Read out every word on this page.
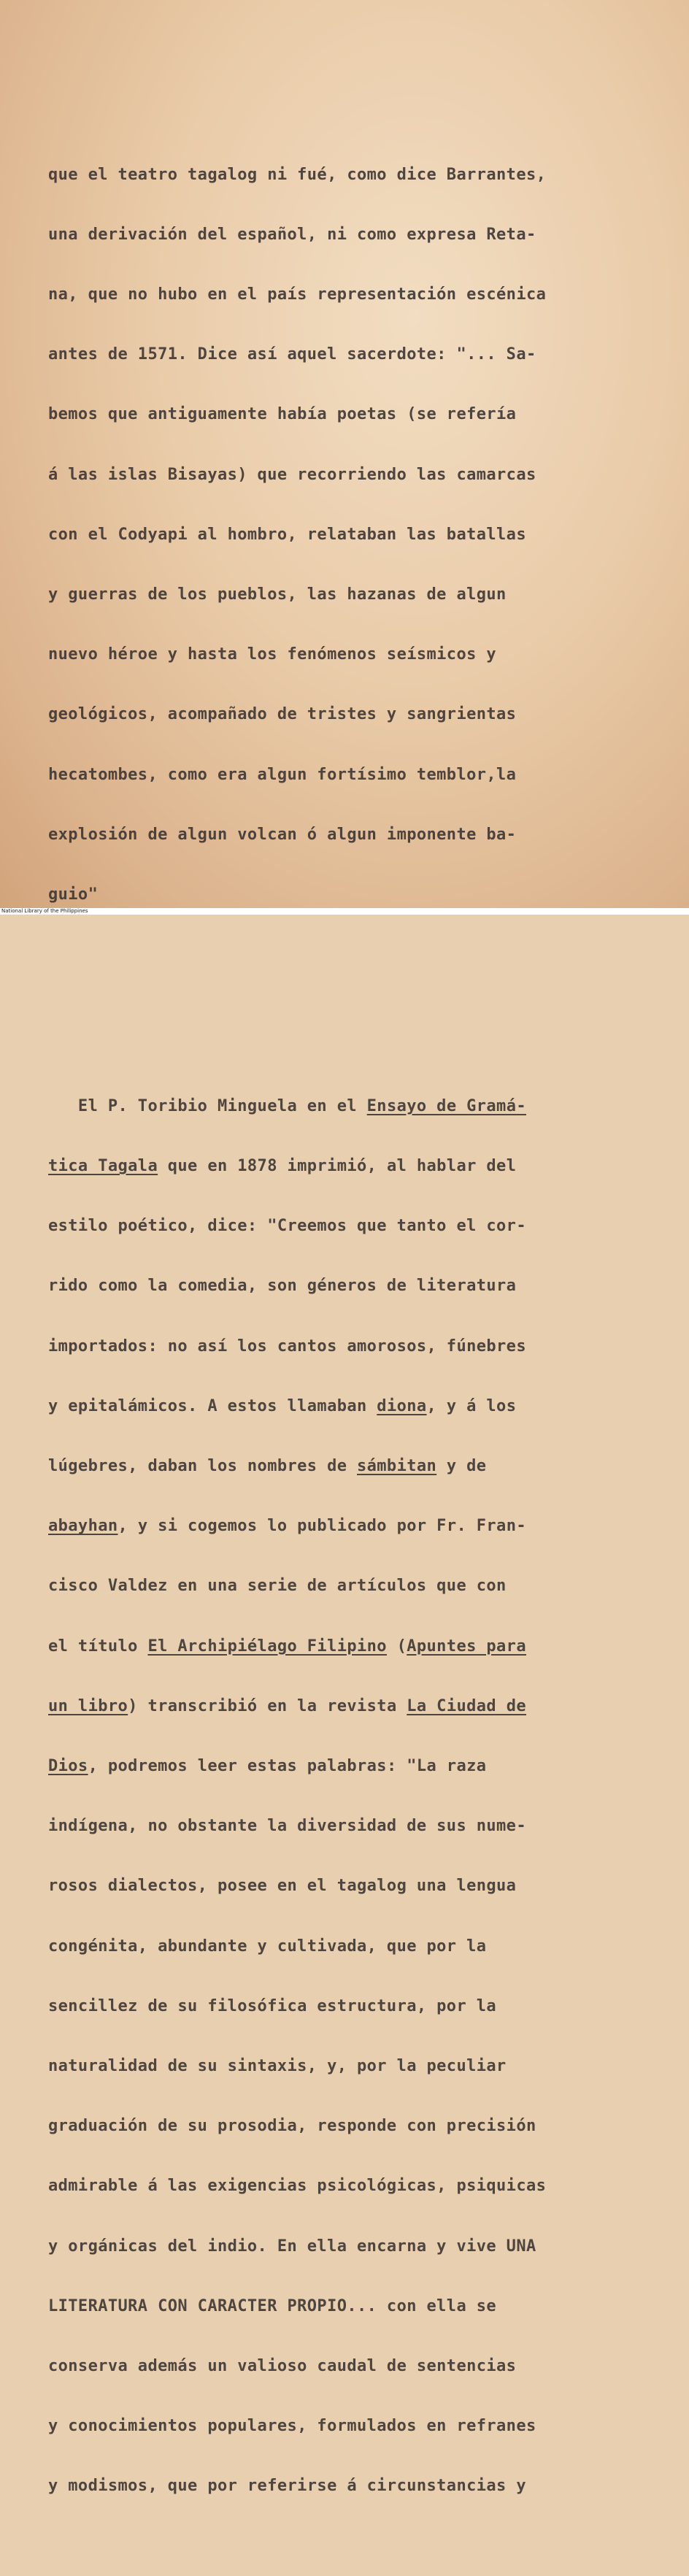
que el teatro tagalog ni fué, como dice Barrantes,

una derivación del español, ni como expresa Reta-

na, que no hubo en el país representación escénica

antes de 1571. Dice así aquel sacerdote: "... Sa-

bemos que antiguamente había poetas (se refería

á las islas Bisayas) que recorriendo las camarcas

con el Codyapi al hombro, relataban las batallas

y guerras de los pueblos, las hazanas de algun

nuevo héroe y hasta los fenómenos seísmicos y

geológicos, acompañado de tristes y sangrientas

hecatombes, como era algun fortísimo temblor,la

explosión de algun volcan ó algun imponente ba-

guio"

El P. Toribio Minguela en el Ensayo de Gramá-

tica Tagala que en 1878 imprimió, al hablar del

estilo poético, dice: "Creemos que tanto el cor-

rido como la comedia, son géneros de literatura

importados: no así los cantos amorosos, fúnebres

y epitalámicos. A estos llamaban diona, y á los

lúgebres, daban los nombres de sámbitan y de

abayhan, y si cogemos lo publicado por Fr. Fran-

cisco Valdez en una serie de artículos que con

el título El Archipiélago Filipino (Apuntes para

un libro) transcribió en la revista La Ciudad de

Dios, podremos leer estas palabras: "La raza

indígena, no obstante la diversidad de sus nume-

rosos dialectos, posee en el tagalog una lengua

congénita, abundante y cultivada, que por la

sencillez de su filosófica estructura, por la

naturalidad de su sintaxis, y, por la peculiar

graduación de su prosodia, responde con precisión

admirable á las exigencias psicológicas, psiquicas

y orgánicas del indio. En ella encarna y vive UNA

LITERATURA CON CARACTER PROPIO... con ella se

conserva además un valioso caudal de sentencias

y conocimientos populares, formulados en refranes

y modismos, que por referirse á circunstancias y

National Library of the Philippines
